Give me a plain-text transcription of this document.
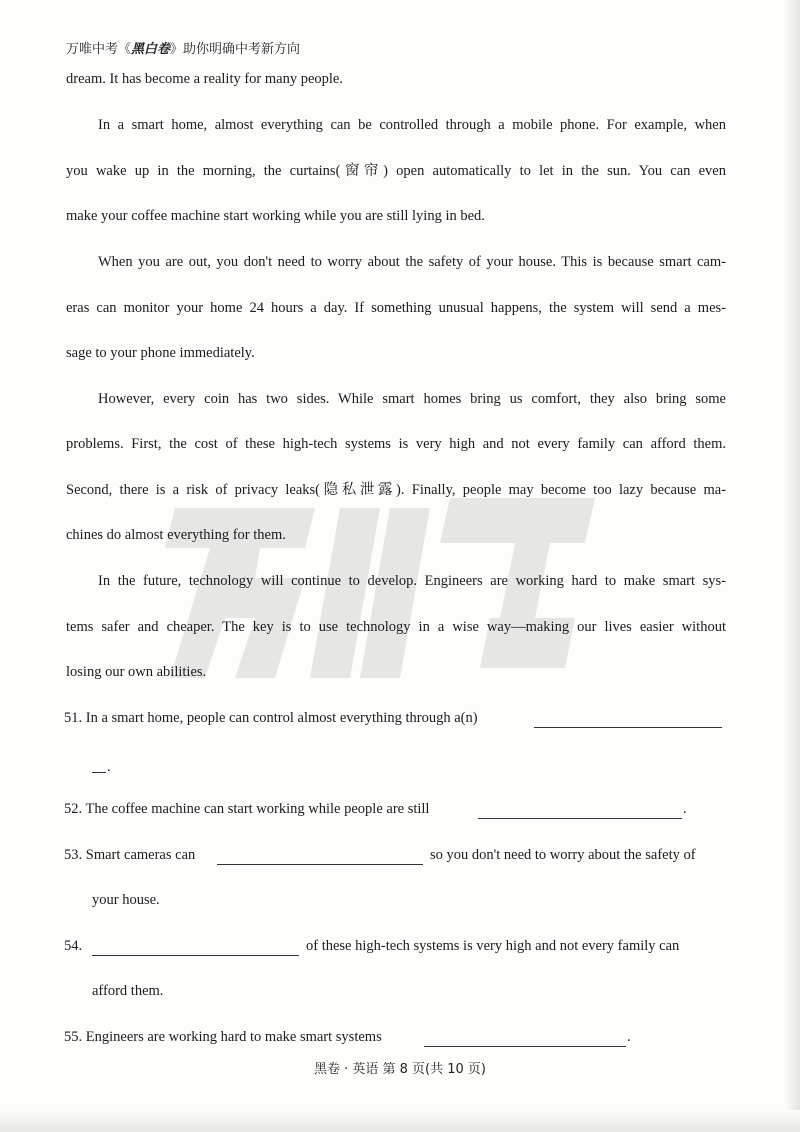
万唯中考《黑白卷》助你明确中考新方向
dream. It has become a reality for many people.
In a smart home, almost everything can be controlled through a mobile phone. For example, when
you wake up in the morning, the curtains(窗帘) open automatically to let in the sun. You can even
make your coffee machine start working while you are still lying in bed.
When you are out, you don't need to worry about the safety of your house. This is because smart cam-
eras can monitor your home 24 hours a day. If something unusual happens, the system will send a mes-
sage to your phone immediately.
However, every coin has two sides. While smart homes bring us comfort, they also bring some
problems. First, the cost of these high-tech systems is very high and not every family can afford them.
Second, there is a risk of privacy leaks(隐私泄露). Finally, people may become too lazy because ma-
chines do almost everything for them.
In the future, technology will continue to develop. Engineers are working hard to make smart sys-
tems safer and cheaper. The key is to use technology in a wise way—making our lives easier without
losing our own abilities.
51. In a smart home, people can control almost everything through a(n)
.
52. The coffee machine can start working while people are still	.
53. Smart cameras can	so you don't need to worry about the safety of
your house.
54.	of these high-tech systems is very high and not every family can
afford them.
55. Engineers are working hard to make smart systems	.
黑卷 · 英语 第 8 页(共 10 页)
